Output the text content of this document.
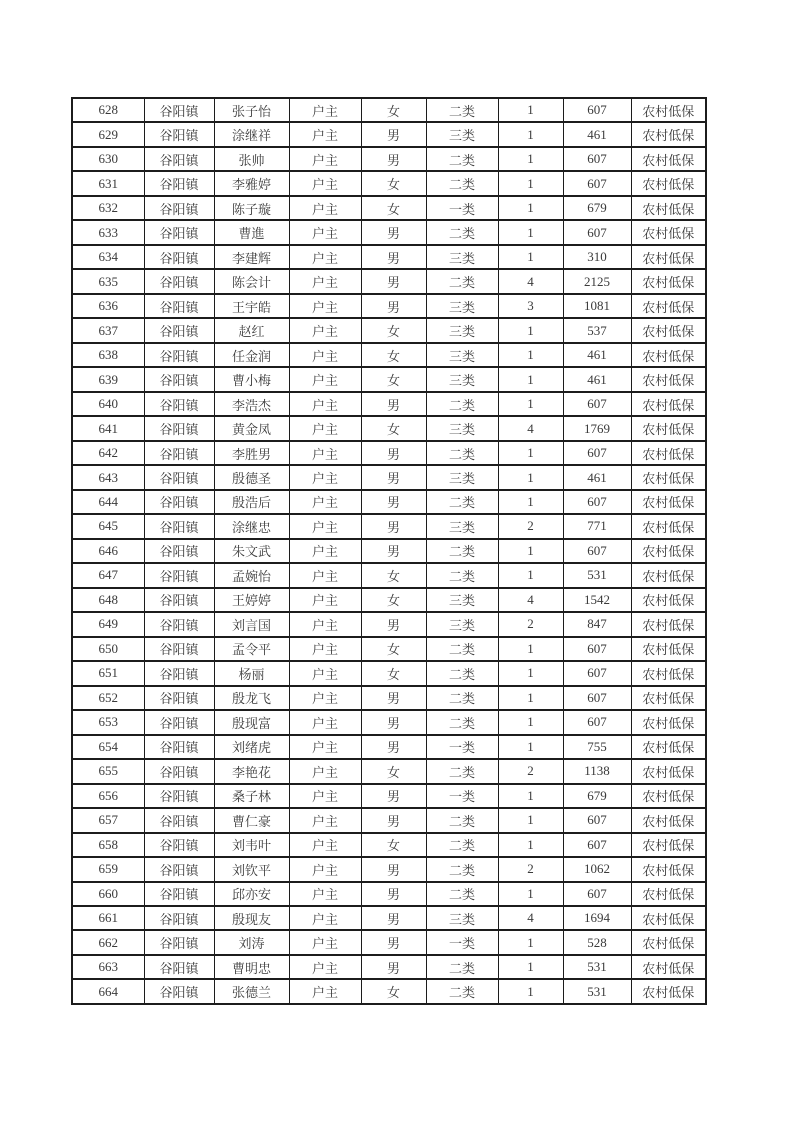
628	谷阳镇	张子怡	户主	女	二类	1	607	农村低保
629	谷阳镇	涂继祥	户主	男	三类	1	461	农村低保
630	谷阳镇	张帅	户主	男	二类	1	607	农村低保
631	谷阳镇	李雅婷	户主	女	二类	1	607	农村低保
632	谷阳镇	陈子璇	户主	女	一类	1	679	农村低保
633	谷阳镇	曹進	户主	男	二类	1	607	农村低保
634	谷阳镇	李建辉	户主	男	三类	1	310	农村低保
635	谷阳镇	陈会计	户主	男	二类	4	2125	农村低保
636	谷阳镇	王宇皓	户主	男	三类	3	1081	农村低保
637	谷阳镇	赵红	户主	女	三类	1	537	农村低保
638	谷阳镇	任金润	户主	女	三类	1	461	农村低保
639	谷阳镇	曹小梅	户主	女	三类	1	461	农村低保
640	谷阳镇	李浩杰	户主	男	二类	1	607	农村低保
641	谷阳镇	黄金凤	户主	女	三类	4	1769	农村低保
642	谷阳镇	李胜男	户主	男	二类	1	607	农村低保
643	谷阳镇	殷德圣	户主	男	三类	1	461	农村低保
644	谷阳镇	殷浩后	户主	男	二类	1	607	农村低保
645	谷阳镇	涂继忠	户主	男	三类	2	771	农村低保
646	谷阳镇	朱文武	户主	男	二类	1	607	农村低保
647	谷阳镇	孟婉怡	户主	女	二类	1	531	农村低保
648	谷阳镇	王婷婷	户主	女	三类	4	1542	农村低保
649	谷阳镇	刘言国	户主	男	三类	2	847	农村低保
650	谷阳镇	孟令平	户主	女	二类	1	607	农村低保
651	谷阳镇	杨丽	户主	女	二类	1	607	农村低保
652	谷阳镇	殷龙飞	户主	男	二类	1	607	农村低保
653	谷阳镇	殷现富	户主	男	二类	1	607	农村低保
654	谷阳镇	刘绪虎	户主	男	一类	1	755	农村低保
655	谷阳镇	李艳花	户主	女	二类	2	1138	农村低保
656	谷阳镇	桑子林	户主	男	一类	1	679	农村低保
657	谷阳镇	曹仁豪	户主	男	二类	1	607	农村低保
658	谷阳镇	刘韦叶	户主	女	二类	1	607	农村低保
659	谷阳镇	刘钦平	户主	男	二类	2	1062	农村低保
660	谷阳镇	邱亦安	户主	男	二类	1	607	农村低保
661	谷阳镇	殷现友	户主	男	三类	4	1694	农村低保
662	谷阳镇	刘涛	户主	男	一类	1	528	农村低保
663	谷阳镇	曹明忠	户主	男	二类	1	531	农村低保
664	谷阳镇	张德兰	户主	女	二类	1	531	农村低保
